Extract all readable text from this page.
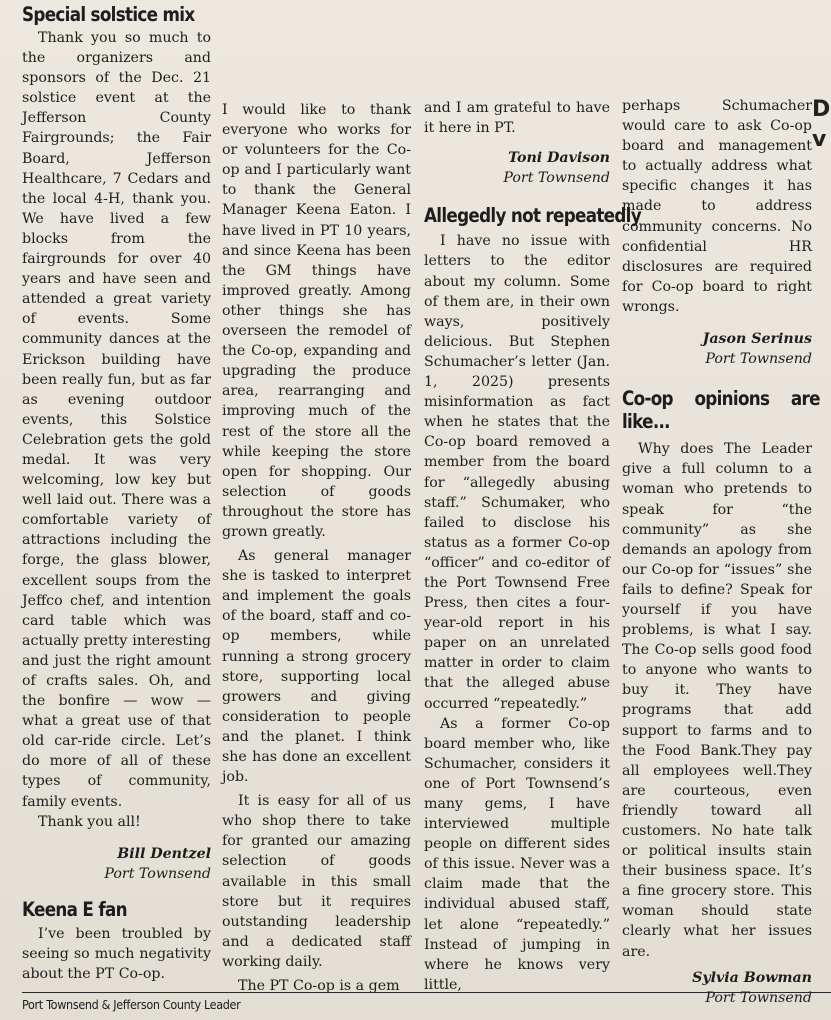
Special solstice mix

Thank you so much to the organizers and sponsors of the Dec. 21 solstice event at the Jefferson County Fairgrounds; the Fair Board, Jefferson Healthcare, 7 Cedars and the local 4-H, thank you. We have lived a few blocks from the fairgrounds for over 40 years and have seen and attended a great variety of events. Some community dances at the Erickson building have been really fun, but as far as evening outdoor events, this Solstice Celebration gets the gold medal. It was very welcoming, low key but well laid out. There was a comfortable variety of attractions including the forge, the glass blower, excellent soups from the Jeffco chef, and intention card table which was actually pretty interesting and just the right amount of crafts sales. Oh, and the bonfire — wow — what a great use of that old car-ride circle. Let’s do more of all of these types of community, family events.

Thank you all!

Bill Dentzel
Port Townsend

Keena E fan

I’ve been troubled by seeing so much negativity about the PT Co-op.

I would like to thank everyone who works for or volunteers for the Co-op and I particularly want to thank the General Manager Keena Eaton. I have lived in PT 10 years, and since Keena has been the GM things have improved greatly. Among other things she has overseen the remodel of the Co-op, expanding and upgrading the produce area, rearranging and improving much of the rest of the store all the while keeping the store open for shopping. Our selection of goods throughout the store has grown greatly.

As general manager she is tasked to interpret and implement the goals of the board, staff and co-op members, while running a strong grocery store, supporting local growers and giving consideration to people and the planet. I think she has done an excellent job.

It is easy for all of us who shop there to take for granted our amazing selection of goods available in this small store but it requires outstanding leadership and a dedicated staff working daily.

The PT Co-op is a gem

and I am grateful to have it here in PT.

Toni Davison
Port Townsend

Allegedly not repeatedly

I have no issue with letters to the editor about my column. Some of them are, in their own ways, positively delicious. But Stephen Schumacher’s letter (Jan. 1, 2025) presents misinformation as fact when he states that the Co-op board removed a member from the board for “allegedly abusing staff.” Schumaker, who failed to disclose his status as a former Co-op “officer” and co-editor of the Port Townsend Free Press, then cites a four-year-old report in his paper on an unrelated matter in order to claim that the alleged abuse occurred “repeatedly.”

As a former Co-op board member who, like Schumacher, considers it one of Port Townsend’s many gems, I have interviewed multiple people on different sides of this issue. Never was a claim made that the individual abused staff, let alone “repeatedly.” Instead of jumping in where he knows very little,

perhaps Schumacher would care to ask Co-op board and management to actually address what specific changes it has made to address community concerns. No confidential HR disclosures are required for Co-op board to right wrongs.

Jason Serinus
Port Townsend

Co-op opinions are like...

Why does The Leader give a full column to a woman who pretends to speak for “the community” as she demands an apology from our Co-op for “issues” she fails to define? Speak for yourself if you have problems, is what I say. The Co-op sells good food to anyone who wants to buy it. They have programs that add support to farms and to the Food Bank.They pay all employees well.They are courteous, even friendly toward all customers. No hate talk or political insults stain their business space. It’s a fine grocery store. This woman should state clearly what her issues are.

Sylvia Bowman
Port Townsend

D
v
Port Townsend & Jefferson County Leader
